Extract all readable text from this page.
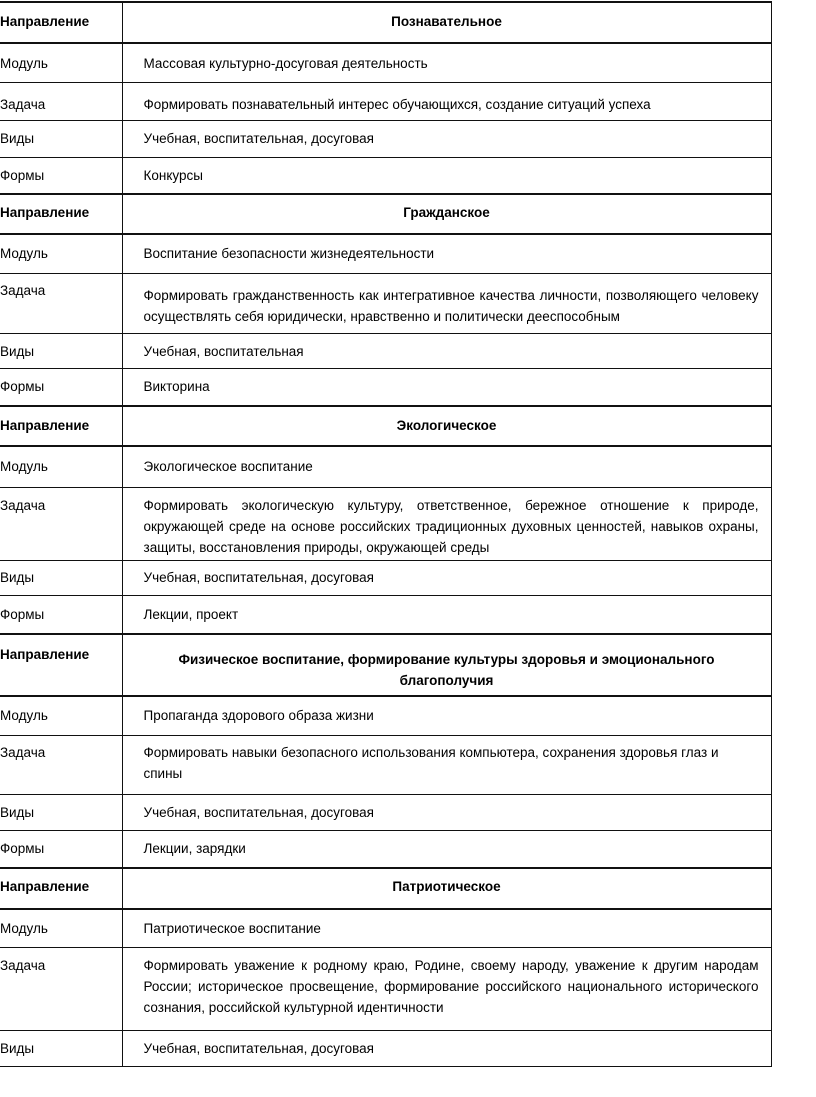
Направление	Познавательное
Модуль	Массовая культурно-досуговая деятельность
Задача	Формировать познавательный интерес обучающихся, создание ситуаций успеха
Виды	Учебная, воспитательная, досуговая
Формы	Конкурсы
Направление	Гражданское
Модуль	Воспитание безопасности жизнедеятельности
Задача	Формировать гражданственность как интегративное качества личности, позволяющего человеку осуществлять себя юридически, нравственно и политически дееспособным
Виды	Учебная, воспитательная
Формы	Викторина
Направление	Экологическое
Модуль	Экологическое воспитание
Задача	Формировать экологическую культуру, ответственное, бережное отношение к природе, окружающей среде на основе российских традиционных духовных ценностей, навыков охраны, защиты, восстановления природы, окружающей среды
Виды	Учебная, воспитательная, досуговая
Формы	Лекции, проект
Направление	Физическое воспитание, формирование культуры здоровья и эмоционального благополучия
Модуль	Пропаганда здорового образа жизни
Задача	Формировать навыки безопасного использования компьютера, сохранения здоровья глаз и спины
Виды	Учебная, воспитательная, досуговая
Формы	Лекции, зарядки
Направление	Патриотическое
Модуль	Патриотическое воспитание
Задача	Формировать уважение к родному краю, Родине, своему народу, уважение к другим народам России; историческое просвещение, формирование российского национального исторического сознания, российской культурной идентичности
Виды	Учебная, воспитательная, досуговая
